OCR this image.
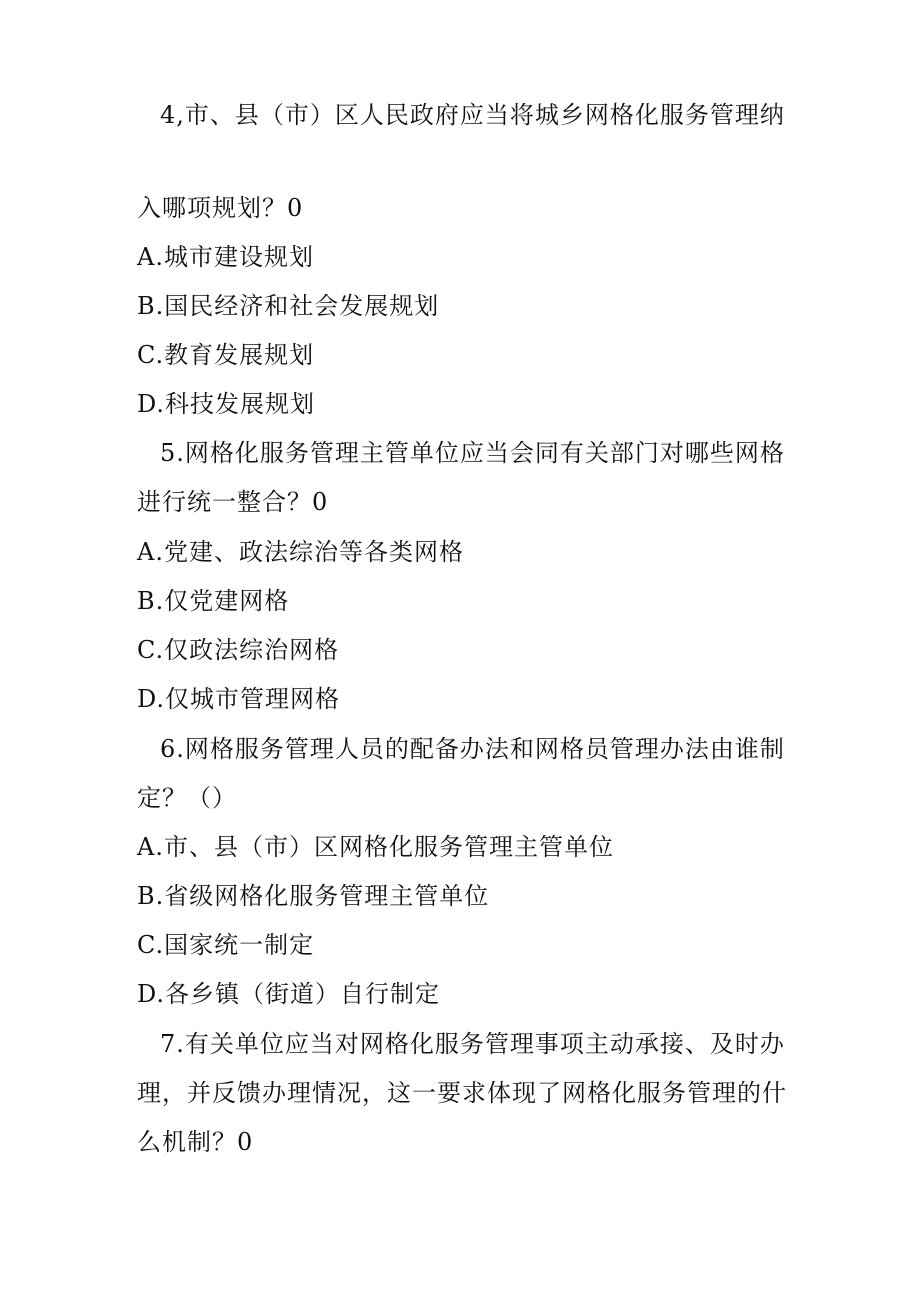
4,市、县（市）区人民政府应当将城乡网格化服务管理纳
入哪项规划？0
A.城市建设规划
B.国民经济和社会发展规划
C.教育发展规划
D.科技发展规划
5.网格化服务管理主管单位应当会同有关部门对哪些网格
进行统一整合？0
A.党建、政法综治等各类网格
B.仅党建网格
C.仅政法综治网格
D.仅城市管理网格
6.网格服务管理人员的配备办法和网格员管理办法由谁制
定？（）
A.市、县（市）区网格化服务管理主管单位
B.省级网格化服务管理主管单位
C.国家统一制定
D.各乡镇（街道）自行制定
7.有关单位应当对网格化服务管理事项主动承接、及时办
理，并反馈办理情况，这一要求体现了网格化服务管理的什
么机制？0
